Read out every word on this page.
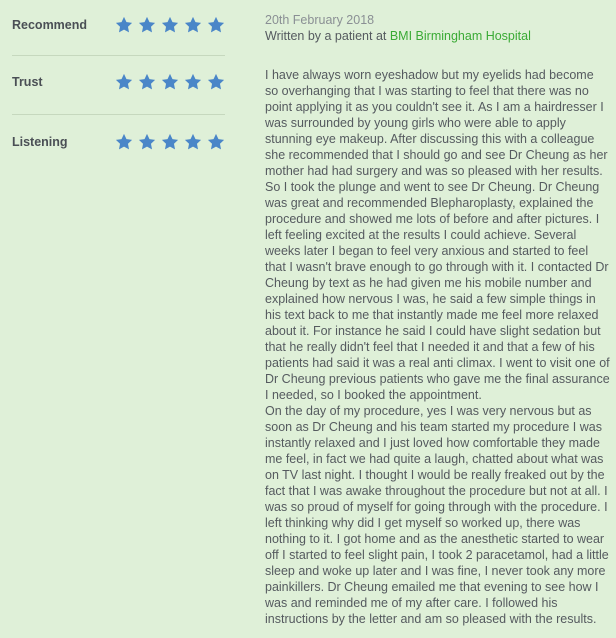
Recommend
Trust
Listening
20th February 2018
Written by a patient at BMI Birmingham Hospital

I have always worn eyeshadow but my eyelids had become so overhanging that I was starting to feel that there was no point applying it as you couldn't see it. As I am a hairdresser I was surrounded by young girls who were able to apply stunning eye makeup. After discussing this with a colleague she recommended that I should go and see Dr Cheung as her mother had had surgery and was so pleased with her results. So I took the plunge and went to see Dr Cheung. Dr Cheung was great and recommended Blepharoplasty, explained the procedure and showed me lots of before and after pictures. I left feeling excited at the results I could achieve. Several weeks later I began to feel very anxious and started to feel that I wasn't brave enough to go through with it. I contacted Dr Cheung by text as he had given me his mobile number and explained how nervous I was, he said a few simple things in his text back to me that instantly made me feel more relaxed about it. For instance he said I could have slight sedation but that he really didn't feel that I needed it and that a few of his patients had said it was a real anti climax. I went to visit one of Dr Cheung previous patients who gave me the final assurance I needed, so I booked the appointment.

On the day of my procedure, yes I was very nervous but as soon as Dr Cheung and his team started my procedure I was instantly relaxed and I just loved how comfortable they made me feel, in fact we had quite a laugh, chatted about what was on TV last night. I thought I would be really freaked out by the fact that I was awake throughout the procedure but not at all. I was so proud of myself for going through with the procedure. I left thinking why did I get myself so worked up, there was nothing to it. I got home and as the anesthetic started to wear off I started to feel slight pain, I took 2 paracetamol, had a little sleep and woke up later and I was fine, I never took any more painkillers. Dr Cheung emailed me that evening to see how I was and reminded me of my after care. I followed his instructions by the letter and am so pleased with the results.
